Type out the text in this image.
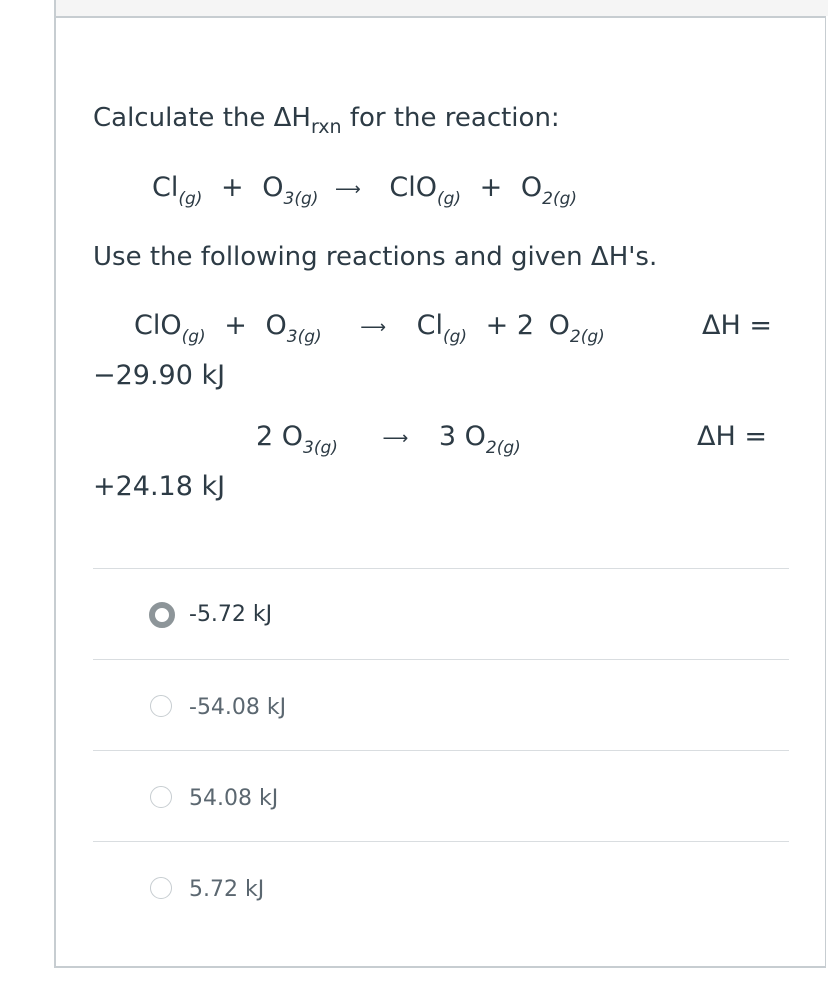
Calculate the $\Delta H_{rxn}$ for the reaction:
$Cl_{(g)} + O_{3(g)}$ ⟶ $ClO_{(g)} + O_{2(g)}$
Use the following reactions and given ΔH's.
$ClO_{(g)} + O_{3(g)}$ ⟶ $Cl_{(g)} + 2$ $O_{2(g)}$	ΔH =
−29.90 kJ
2 $O_{3(g)}$ ⟶ 3 $O_{2(g)}$	ΔH =
+24.18 kJ
-5.72 kJ
-54.08 kJ
54.08 kJ
5.72 kJ
